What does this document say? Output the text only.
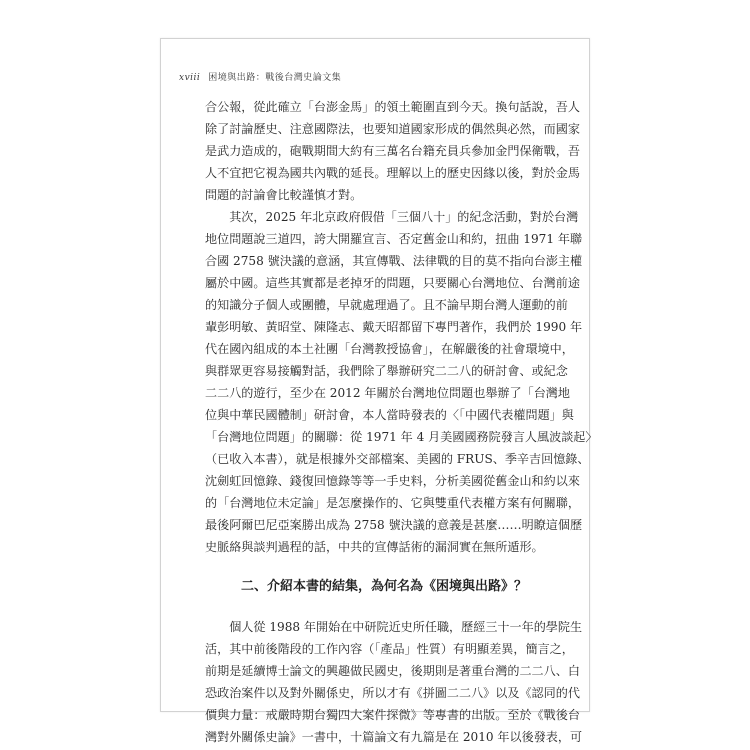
xviii 困境與出路：戰後台灣史論文集
合公報，從此確立「台澎金馬」的領土範圍直到今天。換句話說，吾人
除了討論歷史、注意國際法，也要知道國家形成的偶然與必然，而國家
是武力造成的，砲戰期間大約有三萬名台籍充員兵參加金門保衛戰，吾
人不宜把它視為國共內戰的延長。理解以上的歷史因緣以後，對於金馬
問題的討論會比較謹慎才對。
　　其次，2025 年北京政府假借「三個八十」的紀念活動，對於台灣
地位問題說三道四，誇大開羅宣言、否定舊金山和約，扭曲 1971 年聯
合國 2758 號決議的意涵，其宣傳戰、法律戰的目的莫不指向台澎主權
屬於中國。這些其實都是老掉牙的問題，只要關心台灣地位、台灣前途
的知識分子個人或團體，早就處理過了。且不論早期台灣人運動的前
輩彭明敏、黃昭堂、陳隆志、戴天昭都留下專門著作，我們於 1990 年
代在國內組成的本土社團「台灣教授協會」，在解嚴後的社會環境中，
與群眾更容易接觸對話，我們除了舉辦研究二二八的研討會、或紀念
二二八的遊行，至少在 2012 年關於台灣地位問題也舉辦了「台灣地
位與中華民國體制」研討會，本人當時發表的〈「中國代表權問題」與
「台灣地位問題」的關聯：從 1971 年 4 月美國國務院發言人風波談起〉
（已收入本書），就是根據外交部檔案、美國的 FRUS、季辛吉回憶錄、
沈劍虹回憶錄、錢復回憶錄等等一手史料，分析美國從舊金山和約以來
的「台灣地位未定論」是怎麼操作的、它與雙重代表權方案有何關聯，
最後阿爾巴尼亞案勝出成為 2758 號決議的意義是甚麼……明瞭這個歷
史脈絡與談判過程的話，中共的宣傳話術的漏洞實在無所遁形。
二、介紹本書的結集，為何名為《困境與出路》？
　　個人從 1988 年開始在中研院近史所任職，歷經三十一年的學院生
活，其中前後階段的工作內容（「產品」性質）有明顯差異，簡言之，
前期是延續博士論文的興趣做民國史，後期則是著重台灣的二二八、白
恐政治案件以及對外關係史，所以才有《拼圖二二八》以及《認同的代
價與力量：戒嚴時期台獨四大案件探微》等專書的出版。至於《戰後台
灣對外關係史論》一書中，十篇論文有九篇是在 2010 年以後發表，可
